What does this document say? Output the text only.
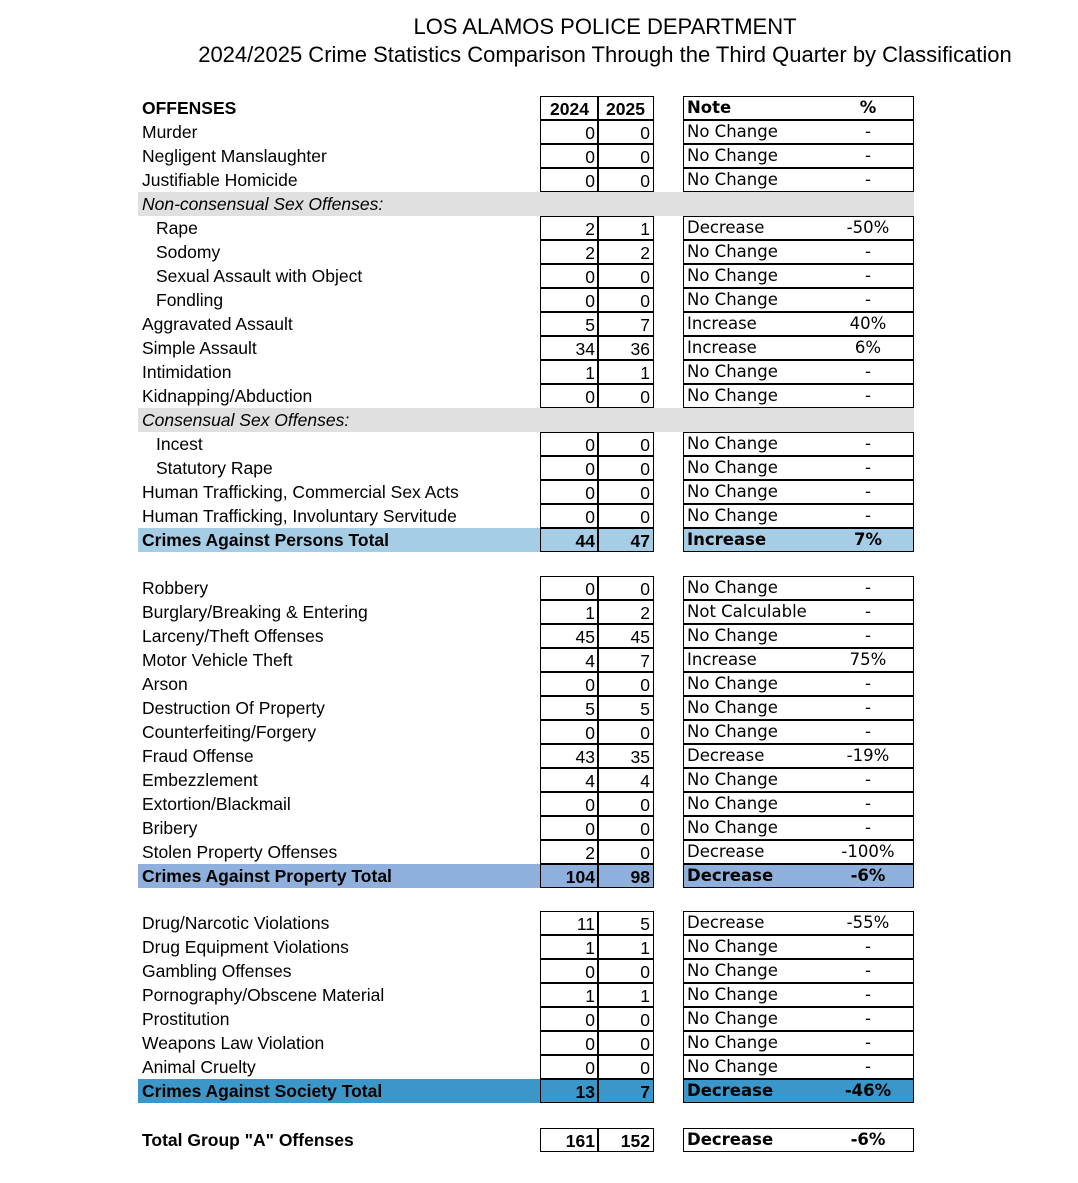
LOS ALAMOS POLICE DEPARTMENT
2024/2025 Crime Statistics Comparison Through the Third Quarter by Classification
OFFENSES	2024 2025	Note	%
Murder	0	0 No Change	-
Negligent Manslaughter	0	0 No Change	-
Justifiable Homicide	0	0 No Change	-
Non-consensual Sex Offenses:
Rape	2	1 Decrease	-50%
Sodomy	2	2 No Change	-
Sexual Assault with Object	0	0 No Change	-
Fondling	0	0 No Change	-
Aggravated Assault	5	7 Increase	40%
Simple Assault	34	36 Increase	6%
Intimidation	1	1 No Change	-
Kidnapping/Abduction	0	0 No Change	-
Consensual Sex Offenses:
Incest	0	0 No Change	-
Statutory Rape	0	0 No Change	-
Human Trafficking, Commercial Sex Acts	0	0 No Change	-
Human Trafficking, Involuntary Servitude	0	0 No Change	-
Crimes Against Persons Total	44	47 Increase	7%
Robbery	0	0 No Change	-
Burglary/Breaking & Entering	1	2 Not Calculable	-
Larceny/Theft Offenses	45	45 No Change	-
Motor Vehicle Theft	4	7 Increase	75%
Arson	0	0 No Change	-
Destruction Of Property	5	5 No Change	-
Counterfeiting/Forgery	0	0 No Change	-
Fraud Offense	43	35 Decrease	-19%
Embezzlement	4	4 No Change	-
Extortion/Blackmail	0	0 No Change	-
Bribery	0	0 No Change	-
Stolen Property Offenses	2	0 Decrease	-100%
Crimes Against Property Total	104	98 Decrease	-6%
Drug/Narcotic Violations	11	5 Decrease	-55%
Drug Equipment Violations	1	1 No Change	-
Gambling Offenses	0	0 No Change	-
Pornography/Obscene Material	1	1 No Change	-
Prostitution	0	0 No Change	-
Weapons Law Violation	0	0 No Change	-
Animal Cruelty	0	0 No Change	-
Crimes Against Society Total	13	7 Decrease	-46%
Total Group "A" Offenses	161	152 Decrease	-6%
